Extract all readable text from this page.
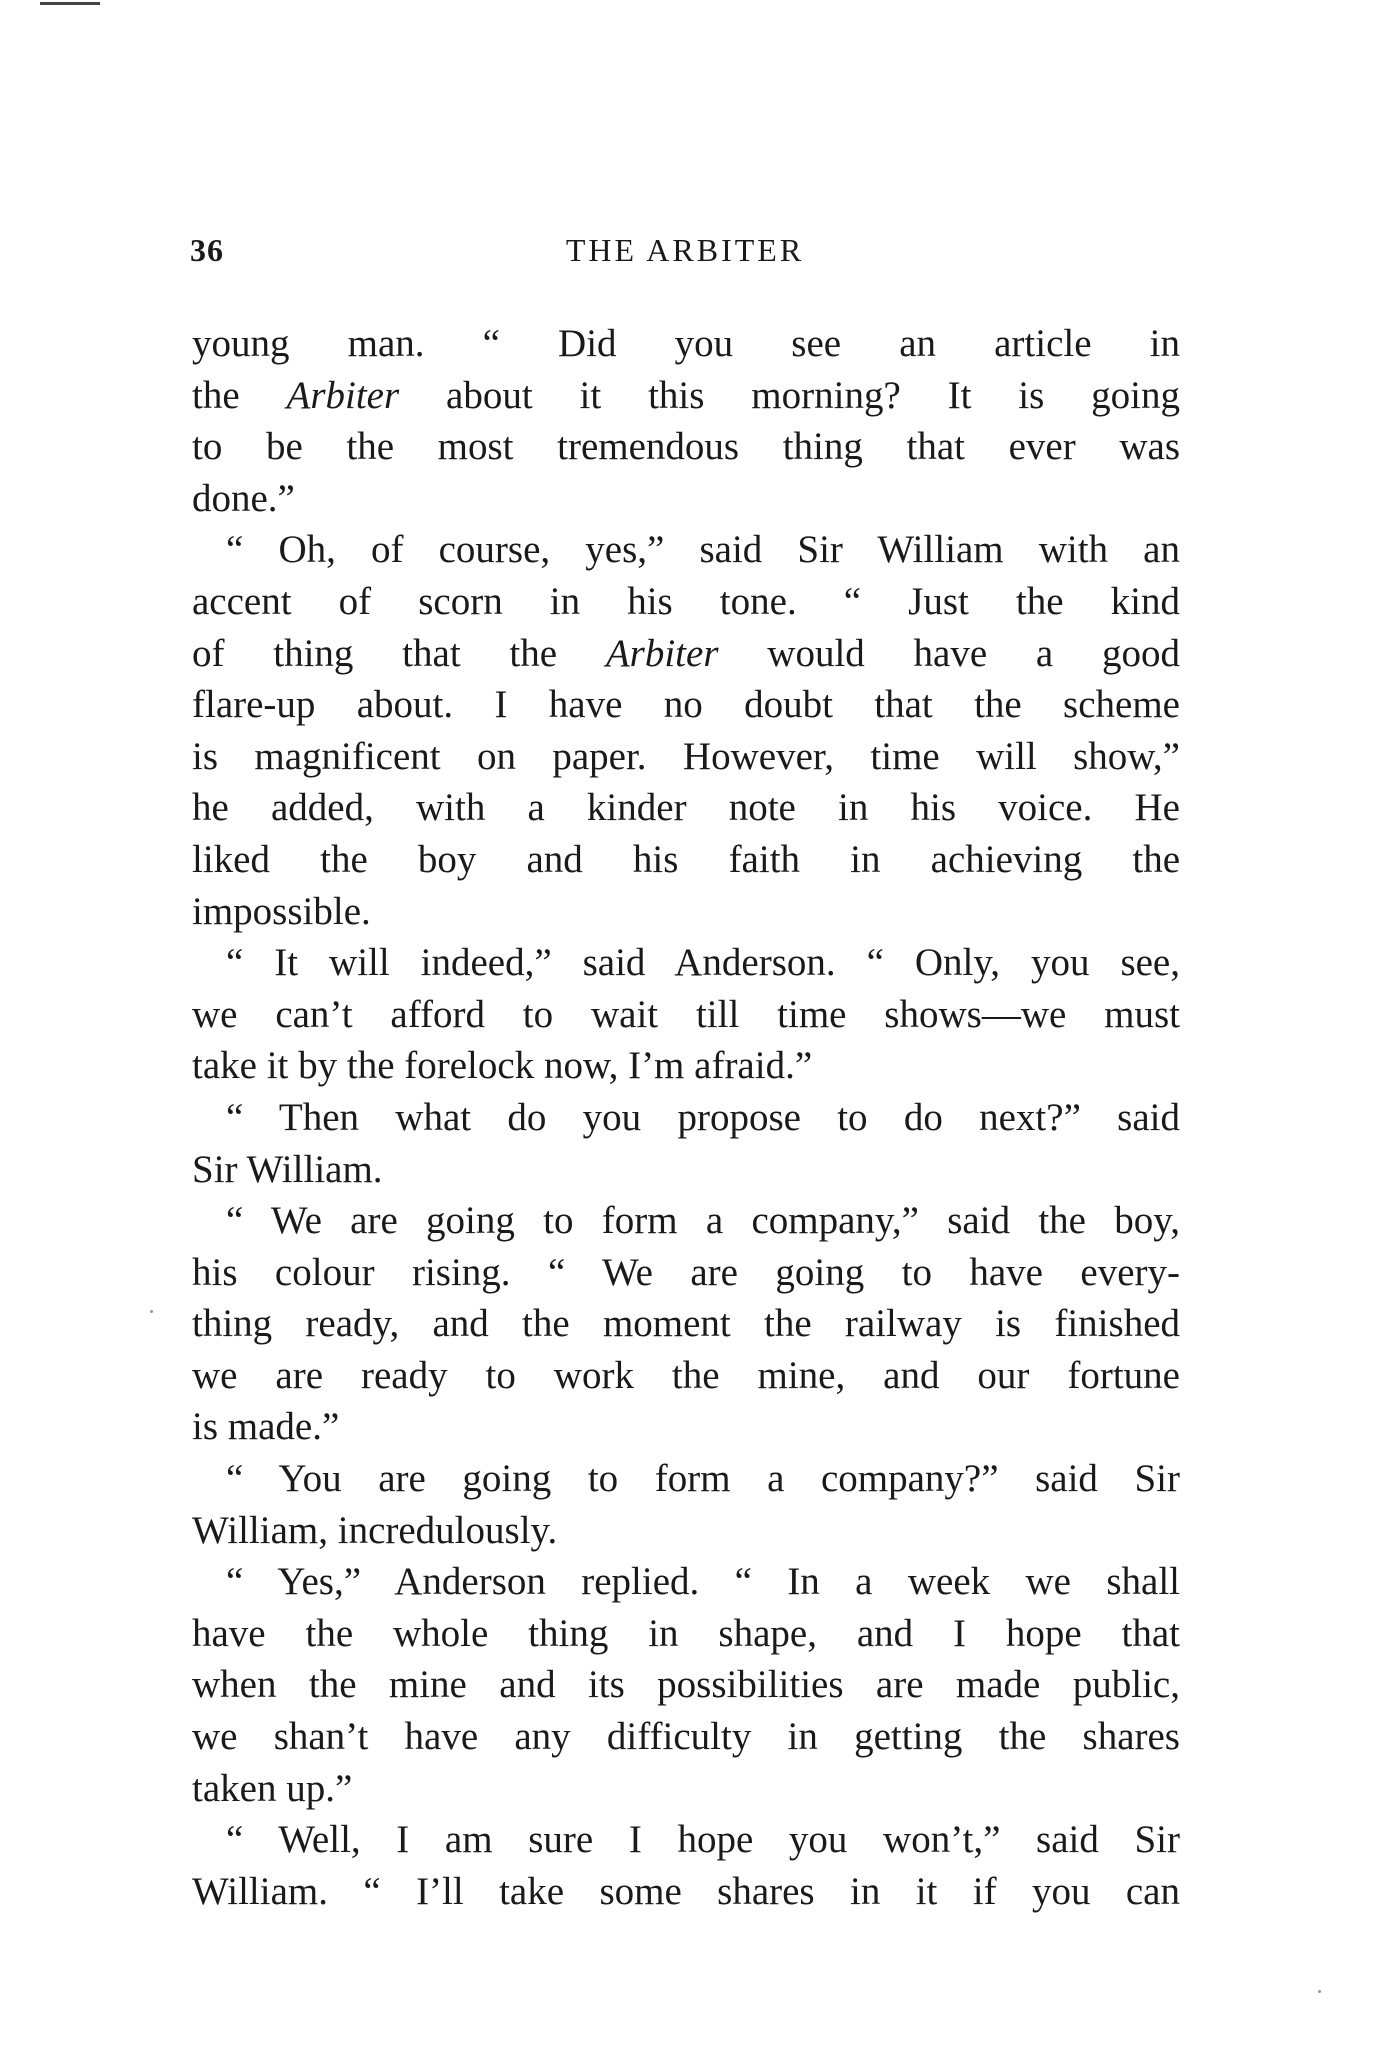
36	THE ARBITER
young man. “ Did you see an article in
the Arbiter about it this morning? It is going
to be the most tremendous thing that ever was
done.”
“ Oh, of course, yes,” said Sir William with an
accent of scorn in his tone. “ Just the kind
of thing that the Arbiter would have a good
flare-up about. I have no doubt that the scheme
is magnificent on paper. However, time will show,”
he added, with a kinder note in his voice. He
liked the boy and his faith in achieving the
impossible.
“ It will indeed,” said Anderson. “ Only, you see,
we can’t afford to wait till time shows—we must
take it by the forelock now, I’m afraid.”
“ Then what do you propose to do next?” said
Sir William.
“ We are going to form a company,” said the boy,
his colour rising. “ We are going to have every-
thing ready, and the moment the railway is finished
we are ready to work the mine, and our fortune
is made.”
“ You are going to form a company?” said Sir
William, incredulously.
“ Yes,” Anderson replied. “ In a week we shall
have the whole thing in shape, and I hope that
when the mine and its possibilities are made public,
we shan’t have any difficulty in getting the shares
taken up.”
“ Well, I am sure I hope you won’t,” said Sir
William. “ I’ll take some shares in it if you can
